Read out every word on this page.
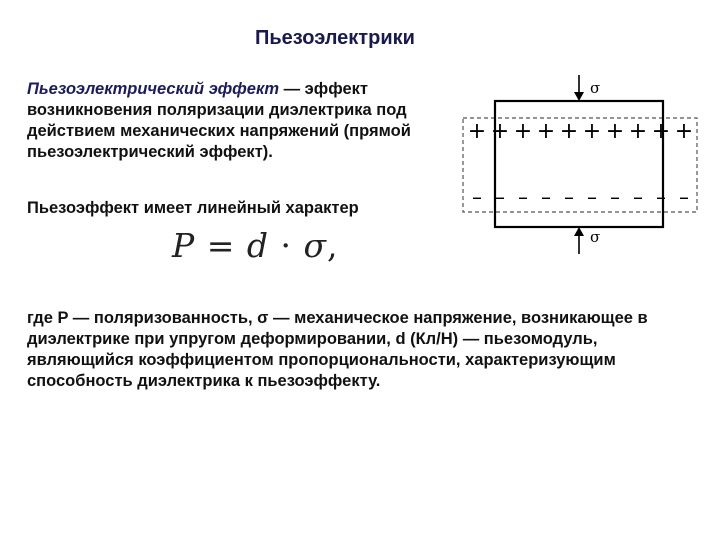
Пьезоэлектрики
Пьезоэлектрический эффект — эффект возникновения поляризации диэлектрика под действием механических напряжений (прямой пьезоэлектрический эффект).
Пьезоэффект имеет линейный характер
P = d · σ,
где P — поляризованность, σ — механическое напряжение, возникающее в диэлектрике при упругом деформировании, d (Кл/Н) — пьезомодуль, являющийся коэффициентом пропорциональности, характеризующим способность диэлектрика к пьезоэффекту.
σ
σ
+ + + + + + + + + +
– – – – – – – – – –
